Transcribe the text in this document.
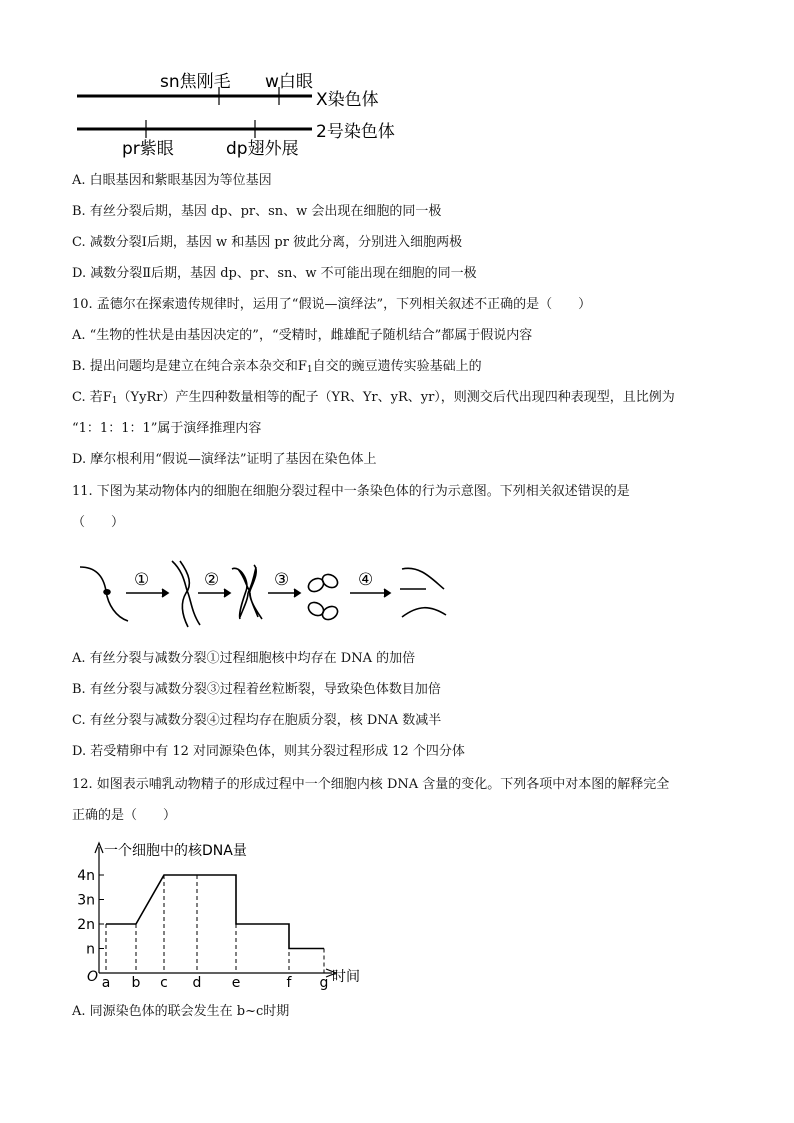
sn焦刚毛 w白眼
X染色体
2号染色体
pr紫眼	dp翅外展
A. 白眼基因和紫眼基因为等位基因
B. 有丝分裂后期，基因 dp、pr、sn、w 会出现在细胞的同一极
C. 减数分裂Ⅰ后期，基因 w 和基因 pr 彼此分离，分别进入细胞两极
D. 减数分裂Ⅱ后期，基因 dp、pr、sn、w 不可能出现在细胞的同一极
10. 孟德尔在探索遗传规律时，运用了“假说—演绎法”，下列相关叙述不正确的是（　　）
A. “生物的性状是由基因决定的”，“受精时，雌雄配子随机结合”都属于假说内容
B. 提出问题均是建立在纯合亲本杂交和$F_1$自交的豌豆遗传实验基础上的
C. 若$F_1(YyRr)$产生四种数量相等的配子（YR、Yr、yR、yr），则测交后代出现四种表现型，且比例为
“1：1：1：1”属于演绎推理内容
D. 摩尔根利用“假说—演绎法”证明了基因在染色体上
11. 下图为某动物体内的细胞在细胞分裂过程中一条染色体的行为示意图。下列相关叙述错误的是
（　　）
①	②	③	④
A. 有丝分裂与减数分裂①过程细胞核中均存在 DNA 的加倍
B. 有丝分裂与减数分裂③过程着丝粒断裂，导致染色体数目加倍
C. 有丝分裂与减数分裂④过程均存在胞质分裂，核 DNA 数减半
D. 若受精卵中有 12 对同源染色体，则其分裂过程形成 12 个四分体
12. 如图表示哺乳动物精子的形成过程中一个细胞内核 DNA 含量的变化。下列各项中对本图的解释完全
正确的是（　　）
一个细胞中的核DNA量
时间
O
n
2n
3n
4n
a b c d e	f g
A. 同源染色体的联会发生在 b~c时期
